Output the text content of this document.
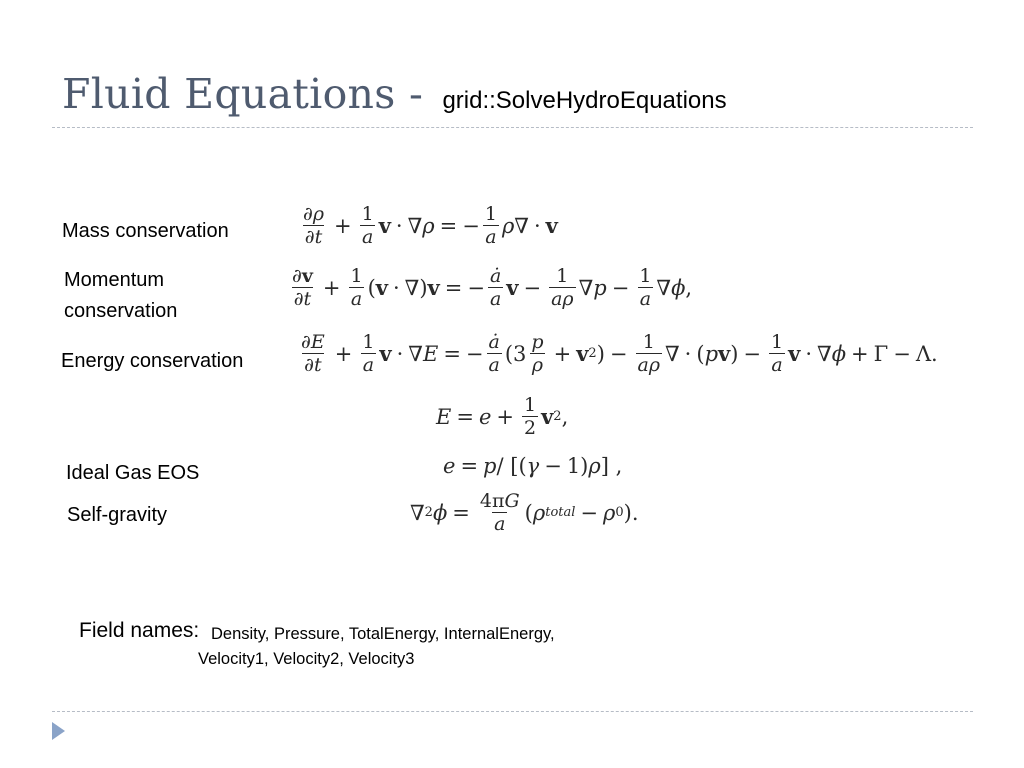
Fluid Equations - grid::SolveHydroEquations
Mass conservation
Momentum
conservation
Energy conservation
Ideal Gas EOS
Self-gravity
$\frac{\partial\rho}{\partial t} + \frac{1}{a}$ v · ∇ ρ = − $\frac{1}{a}$ ρ ∇ · v
$\frac{\partial v}{\partial t} + \frac{1}{a}$ ( v · ∇) v = − $\frac{ȧ}{a}$ $v - \frac{1}{a\rho}$ ∇ $p - \frac{1}{a}$ ∇ ϕ ,
$\frac{\partial E}{\partial t} + \frac{1}{a}$ v · ∇ E = − $\frac{ȧ}{a} (3 \frac{p}{\rho} + v$ 2 ) − $\frac{1}{a\rho}$ ∇ · ( p v ) − $\frac{1}{a}$ v · ∇ ϕ + Γ − Λ.
$E = e + \frac{1}{2}$ v 2 ,
e = p / [( γ − 1) ρ ] ,
∇ 2 $\phi = \frac{4\pi G}{a}$ ( ρ total − ρ 0 ).
Field names: Density, Pressure, TotalEnergy, InternalEnergy,
Velocity1, Velocity2, Velocity3
